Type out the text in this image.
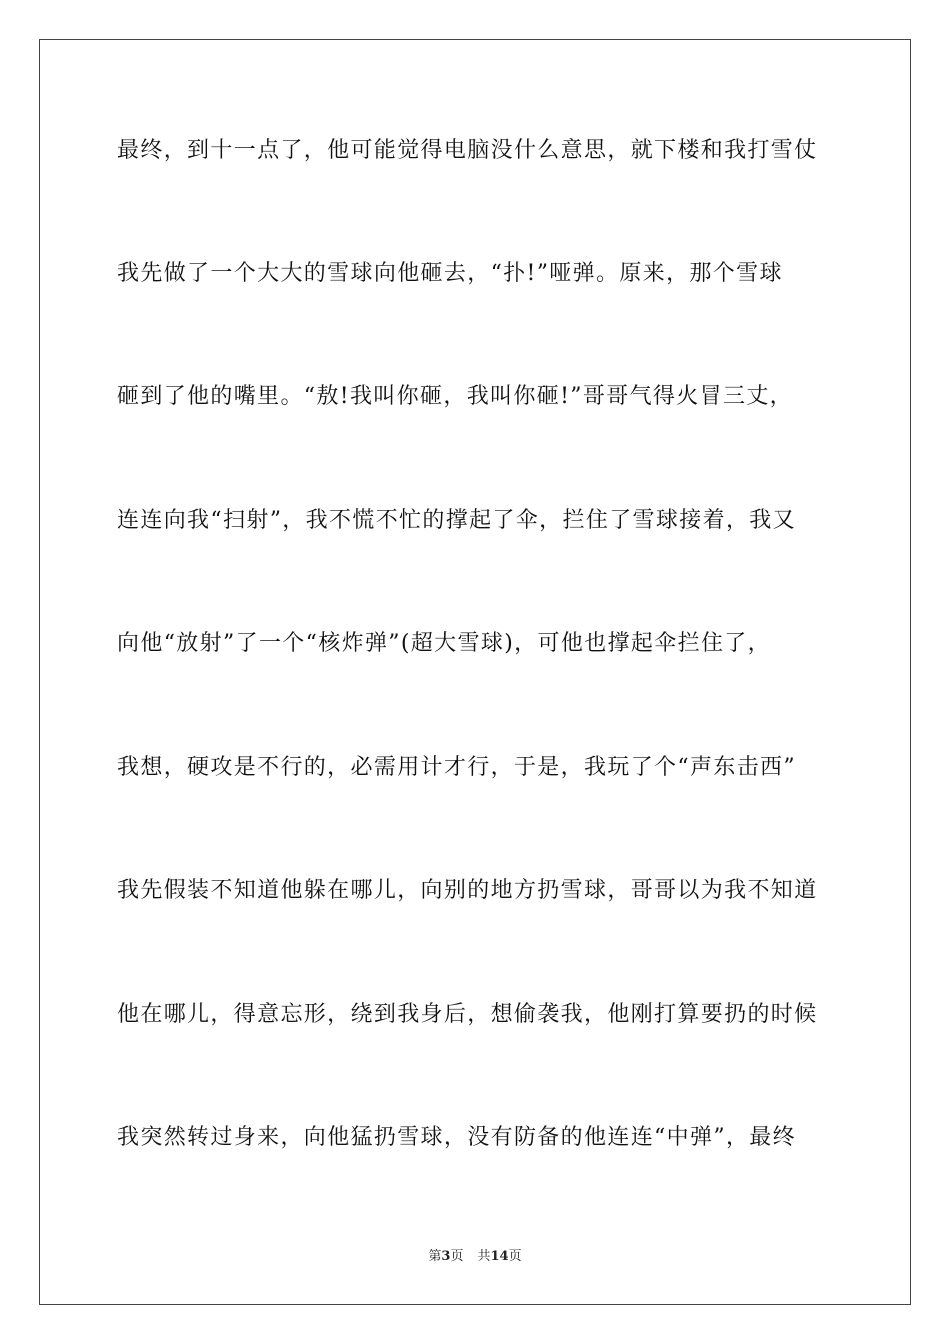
最终，到十一点了，他可能觉得电脑没什么意思，就下楼和我打雪仗
我先做了一个大大的雪球向他砸去，“扑!”哑弹。原来，那个雪球
砸到了他的嘴里。“敖!我叫你砸，我叫你砸!”哥哥气得火冒三丈，
连连向我“扫射”，我不慌不忙的撑起了伞，拦住了雪球接着，我又
向他“放射”了一个“核炸弹”(超大雪球)，可他也撑起伞拦住了，
我想，硬攻是不行的，必需用计才行，于是，我玩了个“声东击西”
我先假装不知道他躲在哪儿，向别的地方扔雪球，哥哥以为我不知道
他在哪儿，得意忘形，绕到我身后，想偷袭我，他刚打算要扔的时候
我突然转过身来，向他猛扔雪球，没有防备的他连连“中弹”，最终
第3页 共14页
